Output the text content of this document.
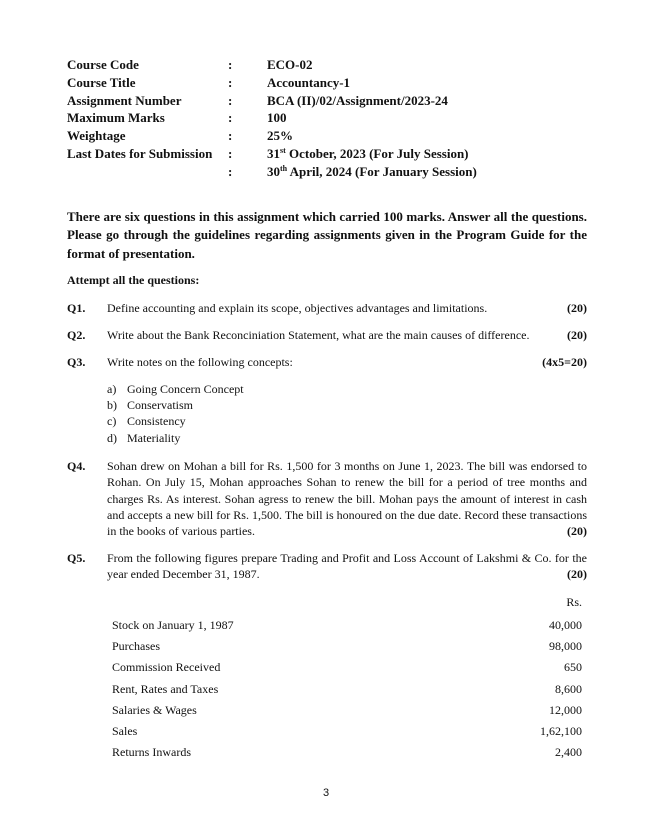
Course Code	:	ECO-02
Course Title	:	Accountancy-1
Assignment Number	:	BCA (II)/02/Assignment/2023-24
Maximum Marks	:	100
Weightage	:	25%
Last Dates for Submission :	31st October, 2023 (For July Session)
:	30th April, 2024 (For January Session)
There are six questions in this assignment which carried 100 marks. Answer all the questions. Please go through the guidelines regarding assignments given in the Program Guide for the format of presentation.
Attempt all the questions:
Q1. Define accounting and explain its scope, objectives advantages and limitations.	(20)
Q2. Write about the Bank Reconciniation Statement, what are the main causes of difference.	(20)
Q3. Write notes on the following concepts:	(4x5=20)
a) Going Concern Concept
b) Conservatism
c) Consistency
d) Materiality
Q4. Sohan drew on Mohan a bill for Rs. 1,500 for 3 months on June 1, 2023. The bill was endorsed to Rohan. On July 15, Mohan approaches Sohan to renew the bill for a period of tree months and charges Rs. As interest. Sohan agress to renew the bill. Mohan pays the amount of interest in cash and accepts a new bill for Rs. 1,500. The bill is honoured on the due date. Record these transactions in the books of various parties.	(20)
Q5. From the following figures prepare Trading and Profit and Loss Account of Lakshmi & Co. for the year ended December 31, 1987.	(20)
Rs.
Stock on January 1, 1987	40,000
Purchases	98,000
Commission Received	650
Rent, Rates and Taxes	8,600
Salaries & Wages	12,000
Sales	1,62,100
Returns Inwards	2,400
3
